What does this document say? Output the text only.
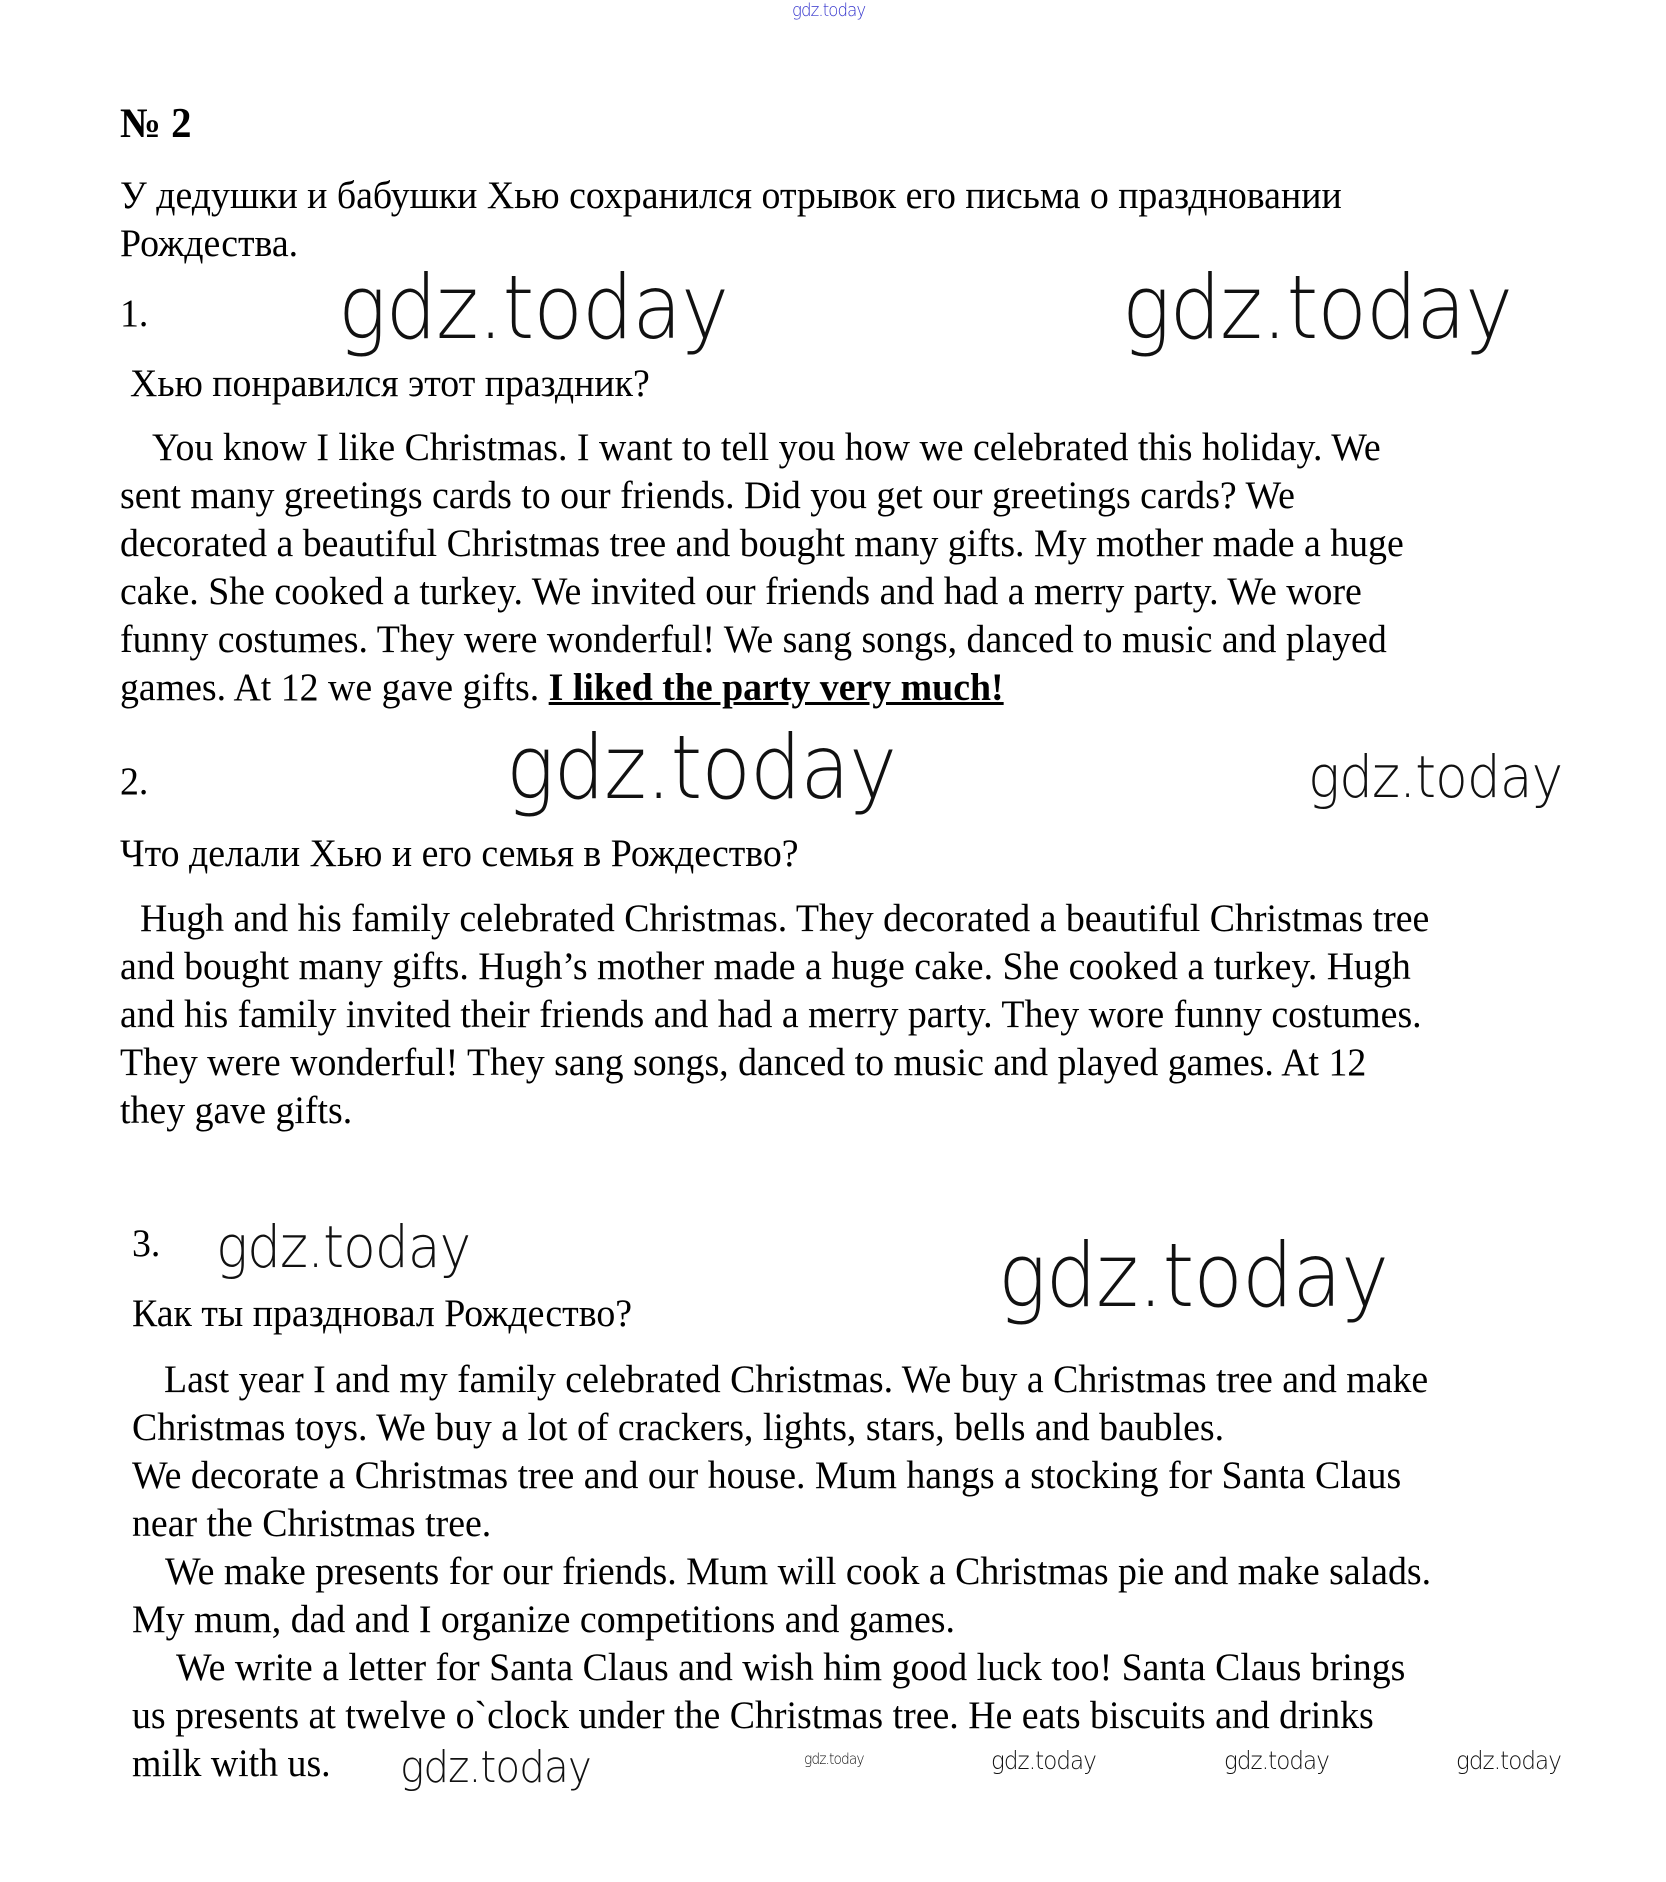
gdz.today
№ 2
У дедушки и бабушки Хью сохранился отрывок его письма о праздновании
Рождества.
1. gdz.today	gdz.today
Хью понравился этот праздник?
You know I like Christmas. I want to tell you how we celebrated this holiday. We
sent many greetings cards to our friends. Did you get our greetings cards? We
decorated a beautiful Christmas tree and bought many gifts. My mother made a huge
cake. She cooked a turkey. We invited our friends and had a merry party. We wore
funny costumes. They were wonderful! We sang songs, danced to music and played
games. At 12 we gave gifts. I liked the party very much!
2.	gdz.today	gdz.today
Что делали Хью и его семья в Рождество?
Hugh and his family celebrated Christmas. They decorated a beautiful Christmas tree
and bought many gifts. Hugh’s mother made a huge cake. She cooked a turkey. Hugh
and his family invited their friends and had a merry party. They wore funny costumes.
They were wonderful! They sang songs, danced to music and played games. At 12
they gave gifts.
3. gdz.today	gdz.today
Как ты праздновал Рождество?
Last year I and my family celebrated Christmas. We buy a Christmas tree and make
Christmas toys. We buy a lot of crackers, lights, stars, bells and baubles.
We decorate a Christmas tree and our house. Mum hangs a stocking for Santa Claus
near the Christmas tree.
We make presents for our friends. Mum will cook a Christmas pie and make salads.
My mum, dad and I organize competitions and games.
We write a letter for Santa Claus and wish him good luck too! Santa Claus brings
us presents at twelve o`clock under the Christmas tree. He eats biscuits and drinks
milk with us. gdz.today	gdz.today	gdz.today	gdz.today	gdz.today
